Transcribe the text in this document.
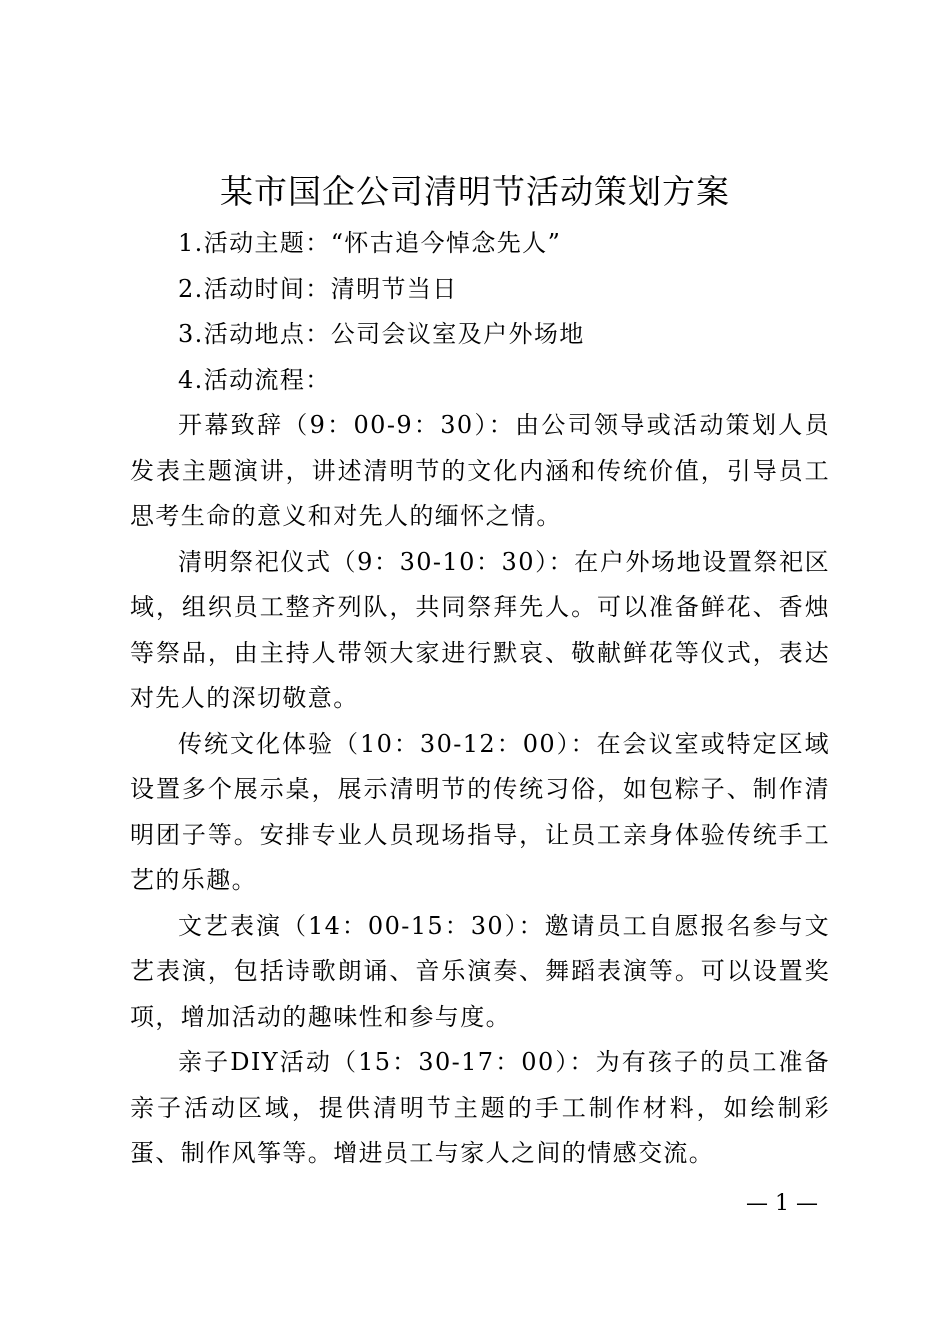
某市国企公司清明节活动策划方案

1.活动主题：“怀古追今悼念先人”

2.活动时间：清明节当日

3.活动地点：公司会议室及户外场地

4.活动流程：

开幕致辞（9：00-9：30）：由公司领导或活动策划人员发表主题演讲，讲述清明节的文化内涵和传统价值，引导员工思考生命的意义和对先人的缅怀之情。

清明祭祀仪式（9：30-10：30）：在户外场地设置祭祀区域，组织员工整齐列队，共同祭拜先人。可以准备鲜花、香烛等祭品，由主持人带领大家进行默哀、敬献鲜花等仪式，表达对先人的深切敬意。

传统文化体验（10：30-12：00）：在会议室或特定区域设置多个展示桌，展示清明节的传统习俗，如包粽子、制作清明团子等。安排专业人员现场指导，让员工亲身体验传统手工艺的乐趣。

文艺表演（14：00-15：30）：邀请员工自愿报名参与文艺表演，包括诗歌朗诵、音乐演奏、舞蹈表演等。可以设置奖项，增加活动的趣味性和参与度。

亲子DIY活动（15：30-17：00）：为有孩子的员工准备亲子活动区域，提供清明节主题的手工制作材料，如绘制彩蛋、制作风筝等。增进员工与家人之间的情感交流。

— 1 —
